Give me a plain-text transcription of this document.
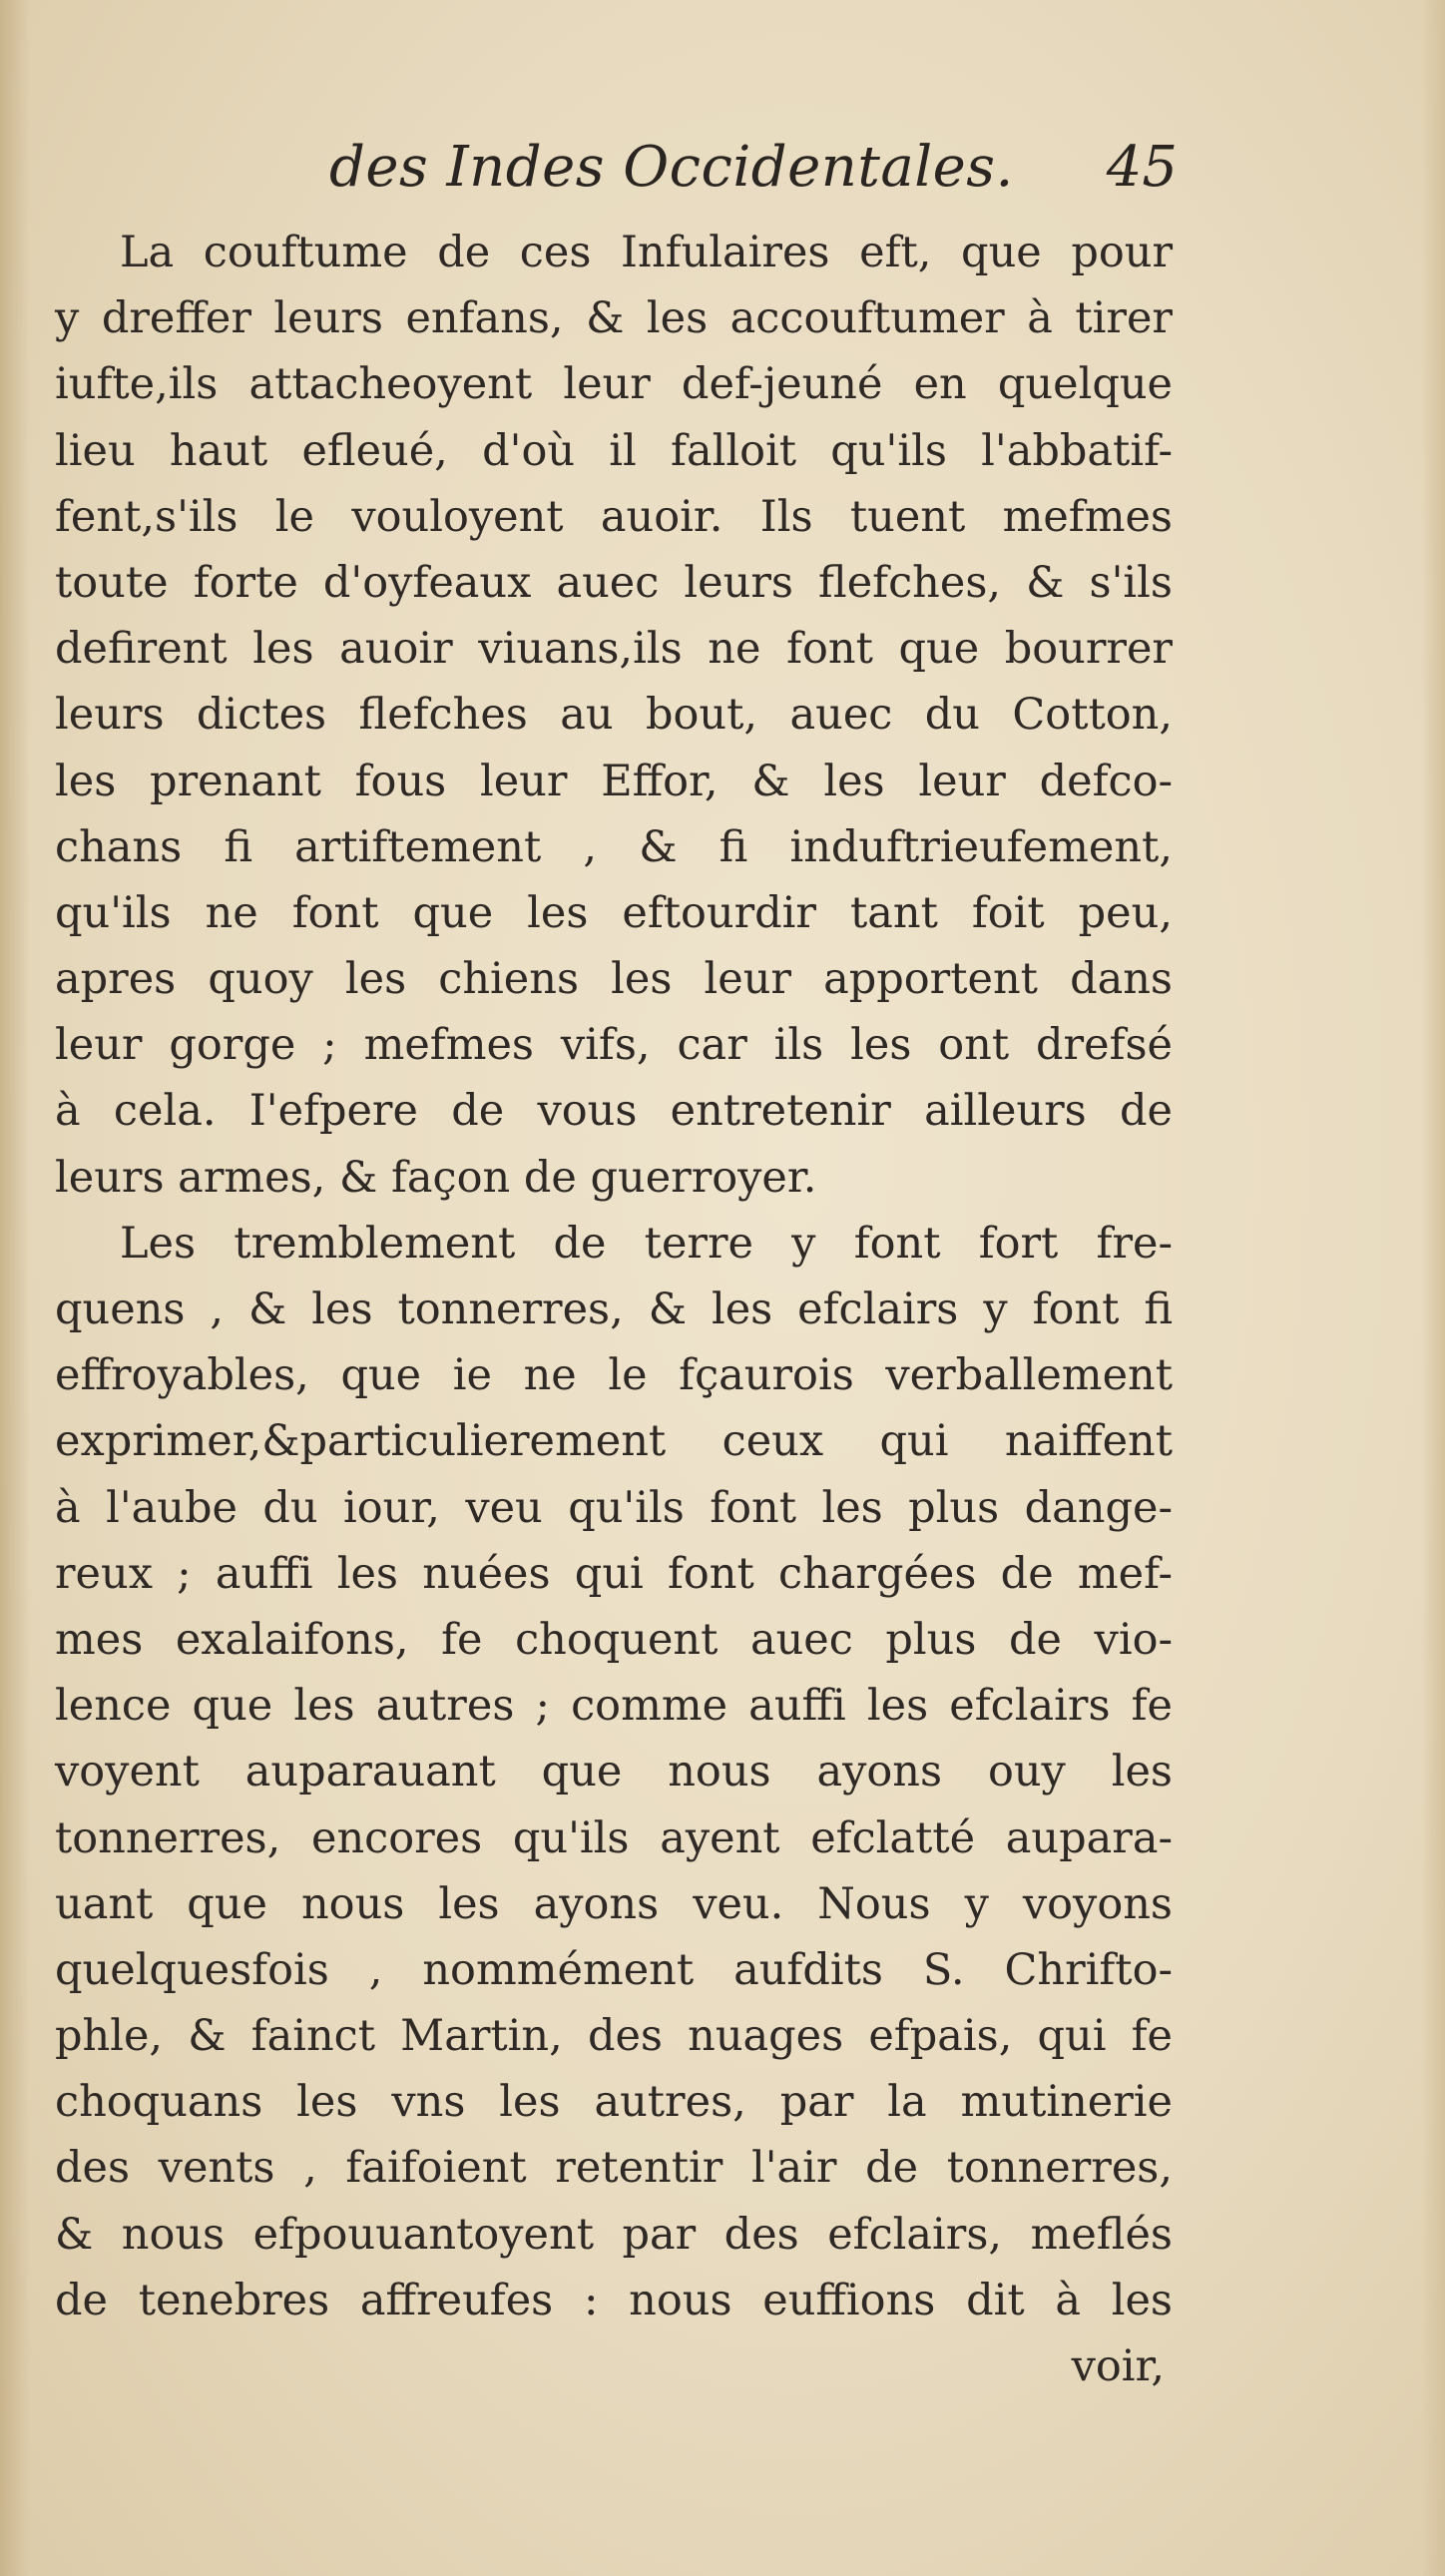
des Indes Occidentales. 45
La couftume de ces Infulaires eft, que pour
y dreffer leurs enfans, & les accouftumer à tirer
iufte,ils attacheoyent leur def-jeuné en quelque
lieu haut efleué, d'où il falloit qu'ils l'abbatif-
fent,s'ils le vouloyent auoir. Ils tuent mefmes
toute forte d'oyfeaux auec leurs flefches, & s'ils
defirent les auoir viuans,ils ne font que bourrer
leurs dictes flefches au bout, auec du Cotton,
les prenant fous leur Effor, & les leur defco-
chans fi artiftement , & fi induftrieufement,
qu'ils ne font que les eftourdir tant foit peu,
apres quoy les chiens les leur apportent dans
leur gorge ; mefmes vifs, car ils les ont drefsé
à cela. I'efpere de vous entretenir ailleurs de
leurs armes, & façon de guerroyer.
Les tremblement de terre y font fort fre-
quens , & les tonnerres, & les efclairs y font fi
effroyables, que ie ne le fçaurois verballement
exprimer,&particulierement ceux qui naiffent
à l'aube du iour, veu qu'ils font les plus dange-
reux ; auffi les nuées qui font chargées de mef-
mes exalaifons, fe choquent auec plus de vio-
lence que les autres ; comme auffi les efclairs fe
voyent auparauant que nous ayons ouy les
tonnerres, encores qu'ils ayent efclatté aupara-
uant que nous les ayons veu. Nous y voyons
quelquesfois , nommément aufdits S. Chrifto-
phle, & fainct Martin, des nuages efpais, qui fe
choquans les vns les autres, par la mutinerie
des vents , faifoient retentir l'air de tonnerres,
& nous efpouuantoyent par des efclairs, meflés
de tenebres affreufes : nous euffions dit à les
voir,
